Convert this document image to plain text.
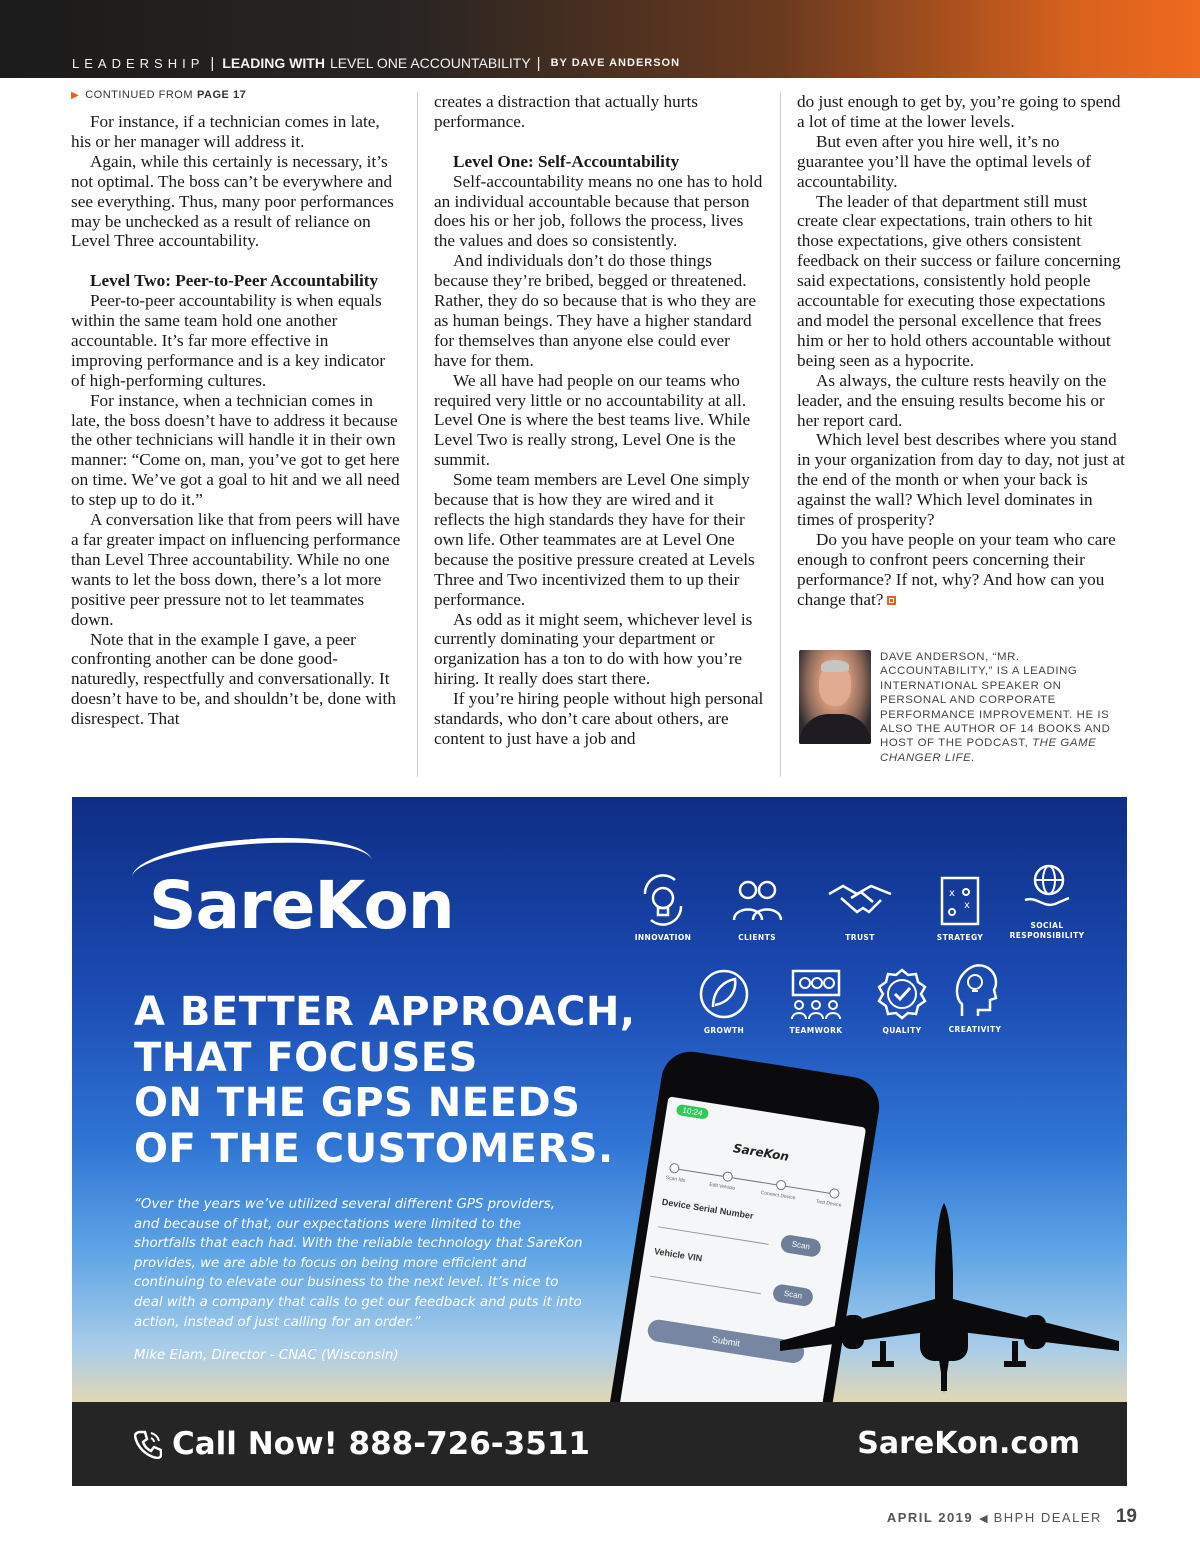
LEADERSHIP | LEADING WITH LEVEL ONE ACCOUNTABILITY | BY DAVE ANDERSON
▶ CONTINUED FROM PAGE 17

For instance, if a technician comes in late, his or her manager will address it.

Again, while this certainly is necessary, it’s not optimal. The boss can’t be everywhere and see everything. Thus, many poor performances may be unchecked as a result of reliance on Level Three accountability.

Level Two: Peer-to-Peer Accountability

Peer-to-peer accountability is when equals within the same team hold one another accountable. It’s far more effective in improving performance and is a key indicator of high-performing cultures.

For instance, when a technician comes in late, the boss doesn’t have to address it because the other technicians will handle it in their own manner: “Come on, man, you’ve got to get here on time. We’ve got a goal to hit and we all need to step up to do it.”

A conversation like that from peers will have a far greater impact on influencing performance than Level Three accountability. While no one wants to let the boss down, there’s a lot more positive peer pressure not to let teammates down.

Note that in the example I gave, a peer confronting another can be done good-naturedly, respectfully and conversationally. It doesn’t have to be, and shouldn’t be, done with disrespect. That

creates a distraction that actually hurts performance.

Level One: Self-Accountability

Self-accountability means no one has to hold an individual accountable because that person does his or her job, follows the process, lives the values and does so consistently.

And individuals don’t do those things because they’re bribed, begged or threatened. Rather, they do so because that is who they are as human beings. They have a higher standard for themselves than anyone else could ever have for them.

We all have had people on our teams who required very little or no accountability at all. Level One is where the best teams live. While Level Two is really strong, Level One is the summit.

Some team members are Level One simply because that is how they are wired and it reflects the high standards they have for their own life. Other teammates are at Level One because the positive pressure created at Levels Three and Two incentivized them to up their performance.

As odd as it might seem, whichever level is currently dominating your department or organization has a ton to do with how you’re hiring. It really does start there.

If you’re hiring people without high personal standards, who don’t care about others, are content to just have a job and

do just enough to get by, you’re going to spend a lot of time at the lower levels.

But even after you hire well, it’s no guarantee you’ll have the optimal levels of accountability.

The leader of that department still must create clear expectations, train others to hit those expectations, give others consistent feedback on their success or failure concerning said expectations, consistently hold people accountable for executing those expectations and model the personal excellence that frees him or her to hold others accountable without being seen as a hypocrite.

As always, the culture rests heavily on the leader, and the ensuing results become his or her report card.

Which level best describes where you stand in your organization from day to day, not just at the end of the month or when your back is against the wall? Which level dominates in times of prosperity?

Do you have people on your team who care enough to confront peers concerning their performance? If not, why? And how can you change that?

DAVE ANDERSON, “MR. ACCOUNTABILITY,” IS A LEADING INTERNATIONAL SPEAKER ON PERSONAL AND CORPORATE PERFORMANCE IMPROVEMENT. HE IS ALSO THE AUTHOR OF 14 BOOKS AND HOST OF THE PODCAST, THE GAME CHANGER LIFE.
SareKon
A BETTER APPROACH,
THAT FOCUSES
ON THE GPS NEEDS
OF THE CUSTOMERS.
“Over the years we’ve utilized several different GPS providers, and because of that, our expectations were limited to the shortfalls that each had. With the reliable technology that SareKon provides, we are able to focus on being more efficient and continuing to elevate our business to the next level. It’s nice to deal with a company that calls to get our feedback and puts it into action, instead of just calling for an order.”
Mike Elam, Director - CNAC (Wisconsin)
INNOVATION	CLIENTS	TRUST
x
x
STRATEGY
SOCIAL RESPONSIBILITY
GROWTH	TEAMWORK	QUALITY	CREATIVITY
10:24
SareKon
Scan Ids
Edit Vehicle
Connect Device
Test Device
Device Serial Number
Scan
Vehicle VIN
Scan
Submit
Call Now! 888-726-3511	SareKon.com
APRIL 2019 ◀ BHPH DEALER 19
